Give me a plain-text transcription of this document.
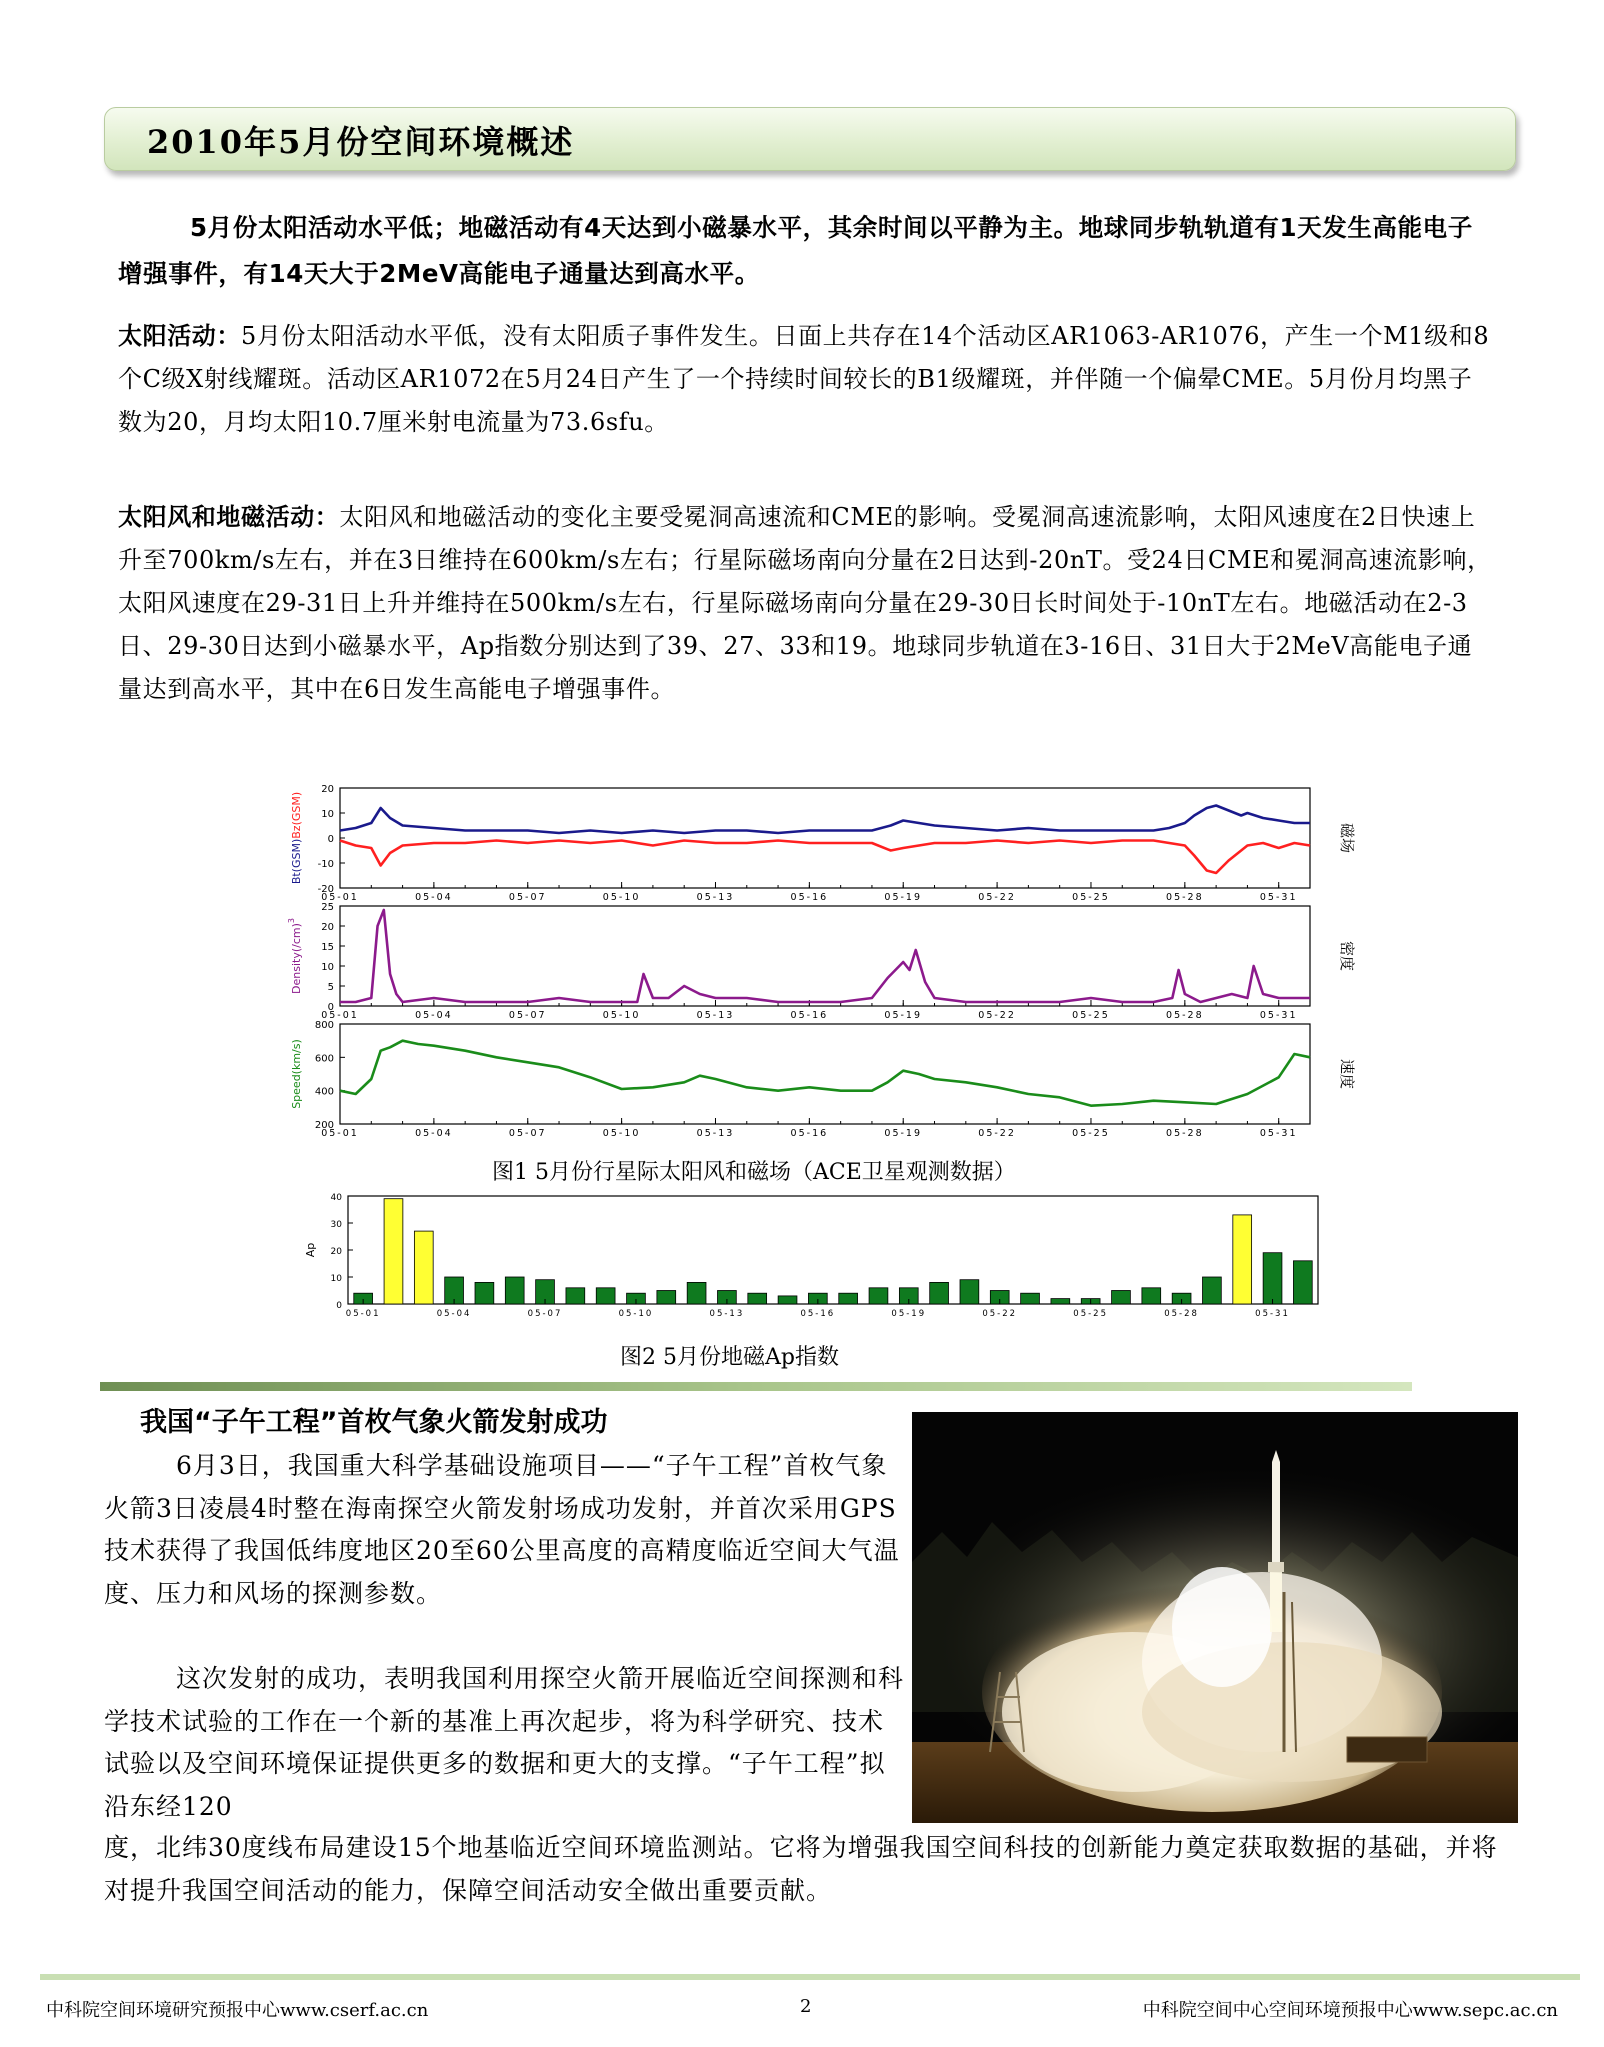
2010年5月份空间环境概述
5月份太阳活动水平低；地磁活动有4天达到小磁暴水平，其余时间以平静为主。地球同步轨轨道有1天发生高能电子增强事件，有14天大于2MeV高能电子通量达到高水平。
太阳活动：5月份太阳活动水平低，没有太阳质子事件发生。日面上共存在14个活动区AR1063-AR1076，产生一个M1级和8个C级X射线耀斑。活动区AR1072在5月24日产生了一个持续时间较长的B1级耀斑，并伴随一个偏晕CME。5月份月均黑子数为20，月均太阳10.7厘米射电流量为73.6sfu。
太阳风和地磁活动：太阳风和地磁活动的变化主要受冕洞高速流和CME的影响。受冕洞高速流影响，太阳风速度在2日快速上升至700km/s左右，并在3日维持在600km/s左右；行星际磁场南向分量在2日达到-20nT。受24日CME和冕洞高速流影响，太阳风速度在29-31日上升并维持在500km/s左右，行星际磁场南向分量在29-30日长时间处于-10nT左右。地磁活动在2-3日、29-30日达到小磁暴水平，Ap指数分别达到了39、27、33和19。地球同步轨道在3-16日、31日大于2MeV高能电子通量达到高水平，其中在6日发生高能电子增强事件。
20
10
0
-10
-20
05-01	05-04	05-07	05-10	05-13	05-16	05-19	05-22	05-25	05-28	05-31
Bt(GSM)Bz(GSM)	磁场
25
20
15
10
5
0
05-01	05-04	05-07	05-10	05-13	05-16	05-19	05-22	05-25	05-28	05-31
$Density(/cm)^3$
密度
800
600
400
200
05-01	05-04	05-07	05-10	05-13	05-16	05-19	05-22	05-25	05-28	05-31
Speed(km/s)	速度
图1 5月份行星际太阳风和磁场（ACE卫星观测数据）
40
30
20
10
0
05-01	05-04	05-07	05-10	05-13	05-16	05-19	05-22	05-25	05-28	05-31
Ap
图2 5月份地磁Ap指数
我国“子午工程”首枚气象火箭发射成功
6月3日，我国重大科学基础设施项目——“子午工程”首枚气象火箭3日凌晨4时整在海南探空火箭发射场成功发射，并首次采用GPS技术获得了我国低纬度地区20至60公里高度的高精度临近空间大气温度、压力和风场的探测参数。
这次发射的成功，表明我国利用探空火箭开展临近空间探测和科学技术试验的工作在一个新的基准上再次起步，将为科学研究、技术试验以及空间环境保证提供更多的数据和更大的支撑。“子午工程”拟沿东经120
度，北纬30度线布局建设15个地基临近空间环境监测站。它将为增强我国空间科技的创新能力奠定获取数据的基础，并将对提升我国空间活动的能力，保障空间活动安全做出重要贡献。
中科院空间环境研究预报中心www.cserf.ac.cn	2	中科院空间中心空间环境预报中心www.sepc.ac.cn
